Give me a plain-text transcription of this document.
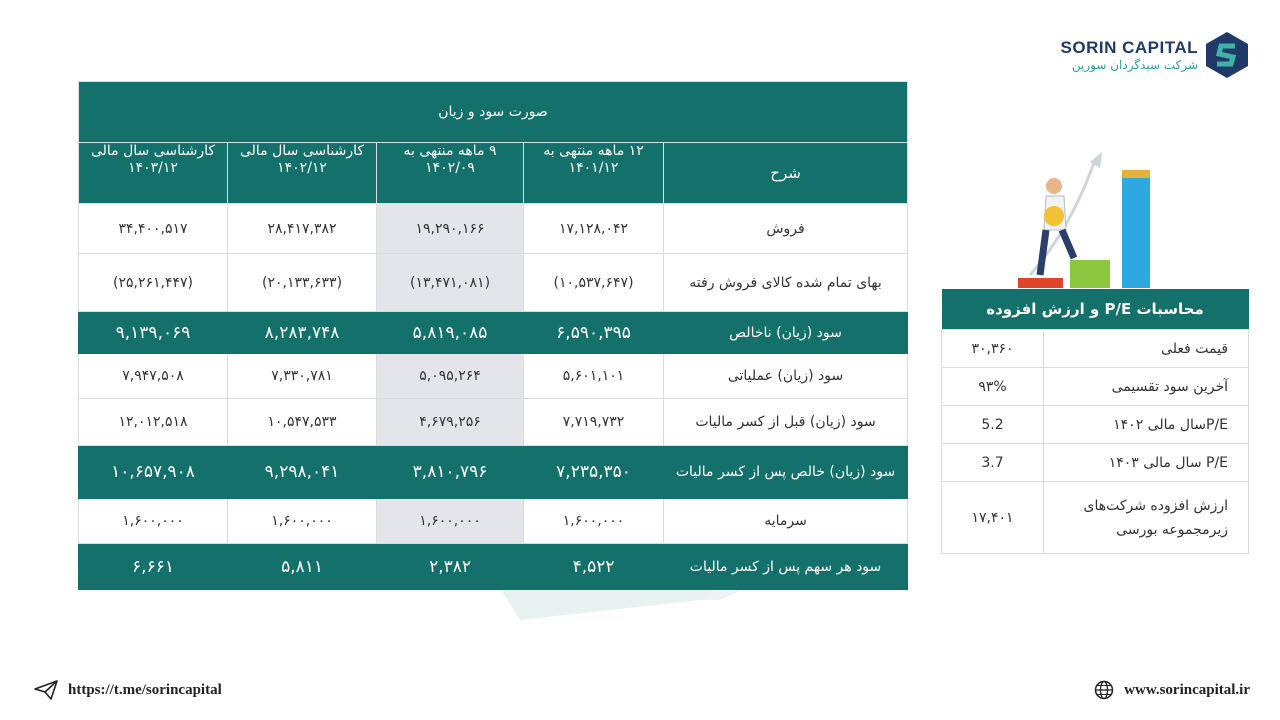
SORIN CAPITAL
شرکت سبدگردان سورین
صورت سود و زیان				
شرح	۱۲ ماهه منتهی به ۱۴۰۱/۱۲	۹ ماهه منتهی به ۱۴۰۲/۰۹	کارشناسی سال مالی ۱۴۰۲/۱۲	کارشناسی سال مالی ۱۴۰۳/۱۲
فروش	۱۷,۱۲۸,۰۴۲	۱۹,۲۹۰,۱۶۶	۲۸,۴۱۷,۳۸۲	۳۴,۴۰۰,۵۱۷
بهای تمام شده کالای فروش رفته	(۱۰,۵۳۷,۶۴۷)	(۱۳,۴۷۱,۰۸۱)	(۲۰,۱۳۳,۶۳۳)	(۲۵,۲۶۱,۴۴۷)
سود (زیان) ناخالص	۶,۵۹۰,۳۹۵	۵,۸۱۹,۰۸۵	۸,۲۸۳,۷۴۸	۹,۱۳۹,۰۶۹
سود (زیان) عملیاتی	۵,۶۰۱,۱۰۱	۵,۰۹۵,۲۶۴	۷,۳۳۰,۷۸۱	۷,۹۴۷,۵۰۸
سود (زیان) قبل از کسر مالیات	۷,۷۱۹,۷۳۲	۴,۶۷۹,۲۵۶	۱۰,۵۴۷,۵۳۳	۱۲,۰۱۲,۵۱۸
سود (زیان) خالص پس از کسر مالیات	۷,۲۳۵,۳۵۰	۳,۸۱۰,۷۹۶	۹,۲۹۸,۰۴۱	۱۰,۶۵۷,۹۰۸
سرمایه	۱,۶۰۰,۰۰۰	۱,۶۰۰,۰۰۰	۱,۶۰۰,۰۰۰	۱,۶۰۰,۰۰۰
سود هر سهم پس از کسر مالیات	۴,۵۲۲	۲,۳۸۲	۵,۸۱۱	۶,۶۶۱
محاسبات P/E و ارزش افزوده	
قیمت فعلی	۳۰,۳۶۰
آخرین سود تقسیمی	۹۳%
P/Eسال مالی ۱۴۰۲	5.2
P/E سال مالی ۱۴۰۳	3.7
ارزش افزوده شرکت‌های زیرمجموعه بورسی	۱۷,۴۰۱
https://t.me/sorincapital	www.sorincapital.ir
